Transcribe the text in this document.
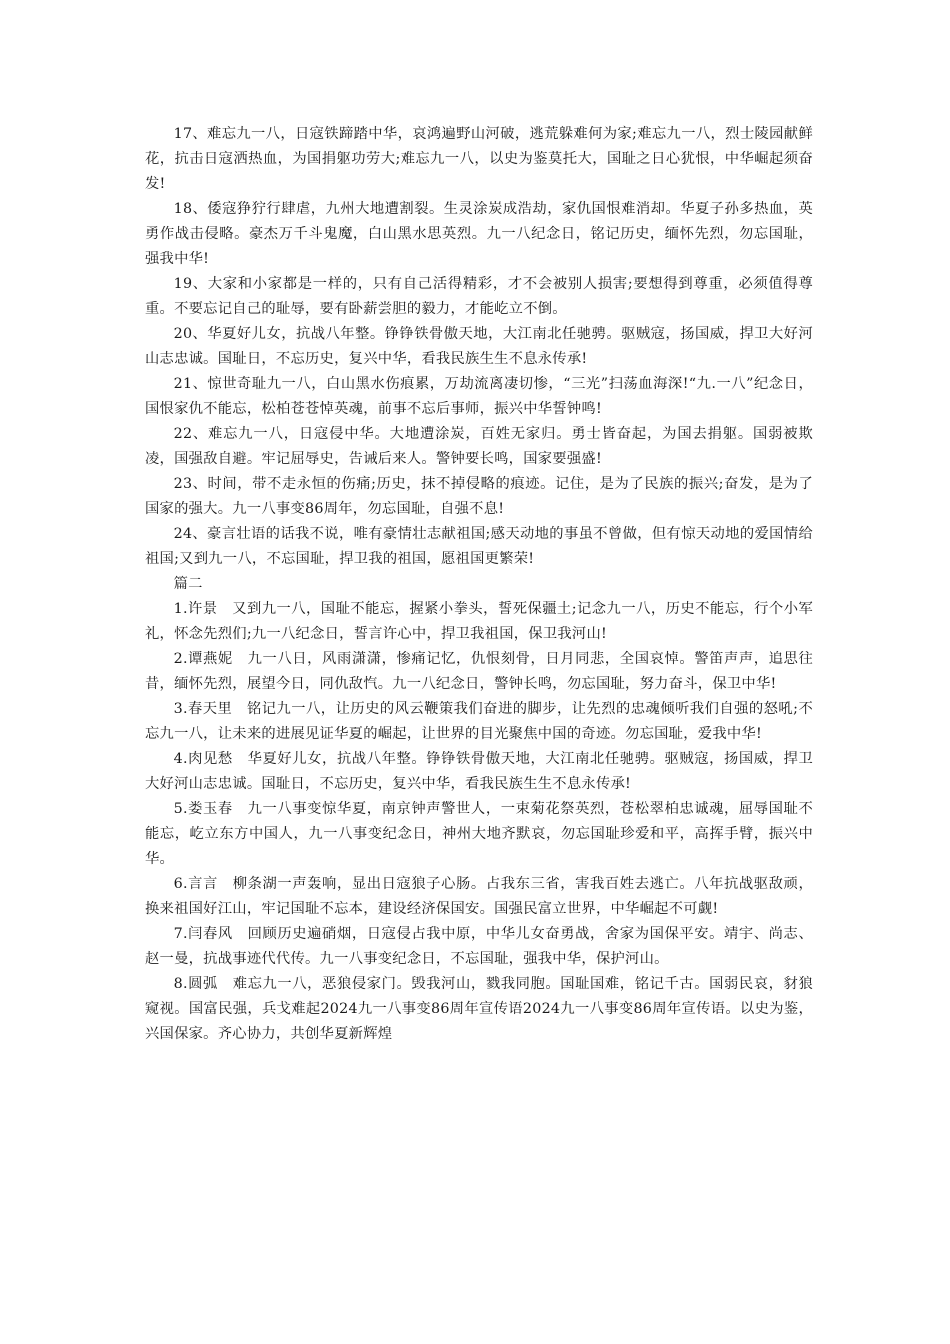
17、难忘九一八，日寇铁蹄踏中华，哀鸿遍野山河破，逃荒躲难何为家;难忘九一八，烈士陵园献鲜花，抗击日寇洒热血，为国捐躯功劳大;难忘九一八，以史为鉴莫托大，国耻之日心犹恨，中华崛起须奋发!

18、倭寇狰狞行肆虐，九州大地遭割裂。生灵涂炭成浩劫，家仇国恨难消却。华夏子孙多热血，英勇作战击侵略。豪杰万千斗鬼魔，白山黑水思英烈。九一八纪念日，铭记历史，缅怀先烈，勿忘国耻，强我中华!

19、大家和小家都是一样的，只有自己活得精彩，才不会被别人损害;要想得到尊重，必须值得尊重。不要忘记自己的耻辱，要有卧薪尝胆的毅力，才能屹立不倒。

20、华夏好儿女，抗战八年整。铮铮铁骨傲天地，大江南北任驰骋。驱贼寇，扬国威，捍卫大好河山志忠诚。国耻日，不忘历史，复兴中华，看我民族生生不息永传承!

21、惊世奇耻九一八，白山黑水伤痕累，万劫流离凄切惨，“三光”扫荡血海深!“九.一八”纪念日，国恨家仇不能忘，松柏苍苍悼英魂，前事不忘后事师，振兴中华誓钟鸣!

22、难忘九一八，日寇侵中华。大地遭涂炭，百姓无家归。勇士皆奋起，为国去捐躯。国弱被欺凌，国强敌自避。牢记屈辱史，告诫后来人。警钟要长鸣，国家要强盛!

23、时间，带不走永恒的伤痛;历史，抹不掉侵略的痕迹。记住，是为了民族的振兴;奋发，是为了国家的强大。九一八事变86周年，勿忘国耻，自强不息!

24、豪言壮语的话我不说，唯有豪情壮志献祖国;感天动地的事虽不曾做，但有惊天动地的爱国情给祖国;又到九一八，不忘国耻，捍卫我的祖国，愿祖国更繁荣!

篇二

1.许景　又到九一八，国耻不能忘，握紧小拳头，誓死保疆土;记念九一八，历史不能忘，行个小军礼，怀念先烈们;九一八纪念日，誓言许心中，捍卫我祖国，保卫我河山!

2.谭燕妮　九一八日，风雨潇潇，惨痛记忆，仇恨刻骨，日月同悲，全国哀悼。警笛声声，追思往昔，缅怀先烈，展望今日，同仇敌忾。九一八纪念日，警钟长鸣，勿忘国耻，努力奋斗，保卫中华!

3.春天里　铭记九一八，让历史的风云鞭策我们奋进的脚步，让先烈的忠魂倾听我们自强的怒吼;不忘九一八，让未来的进展见证华夏的崛起，让世界的目光聚焦中国的奇迹。勿忘国耻，爱我中华!

4.肉见愁　华夏好儿女，抗战八年整。铮铮铁骨傲天地，大江南北任驰骋。驱贼寇，扬国威，捍卫大好河山志忠诚。国耻日，不忘历史，复兴中华，看我民族生生不息永传承!

5.娄玉春　九一八事变惊华夏，南京钟声警世人，一束菊花祭英烈，苍松翠柏忠诚魂，屈辱国耻不能忘，屹立东方中国人，九一八事变纪念日，神州大地齐默哀，勿忘国耻珍爱和平，高挥手臂，振兴中华。

6.言言　柳条湖一声轰响，显出日寇狼子心肠。占我东三省，害我百姓去逃亡。八年抗战驱敌顽，换来祖国好江山，牢记国耻不忘本，建设经济保国安。国强民富立世界，中华崛起不可觑!

7.闫春风　回顾历史遍硝烟，日寇侵占我中原，中华儿女奋勇战，舍家为国保平安。靖宇、尚志、赵一曼，抗战事迹代代传。九一八事变纪念日，不忘国耻，强我中华，保护河山。

8.圆弧　难忘九一八，恶狼侵家门。毁我河山，戮我同胞。国耻国难，铭记千古。国弱民哀，豺狼窥视。国富民强，兵戈难起2024九一八事变86周年宣传语2024九一八事变86周年宣传语。以史为鉴，兴国保家。齐心协力，共创华夏新辉煌
